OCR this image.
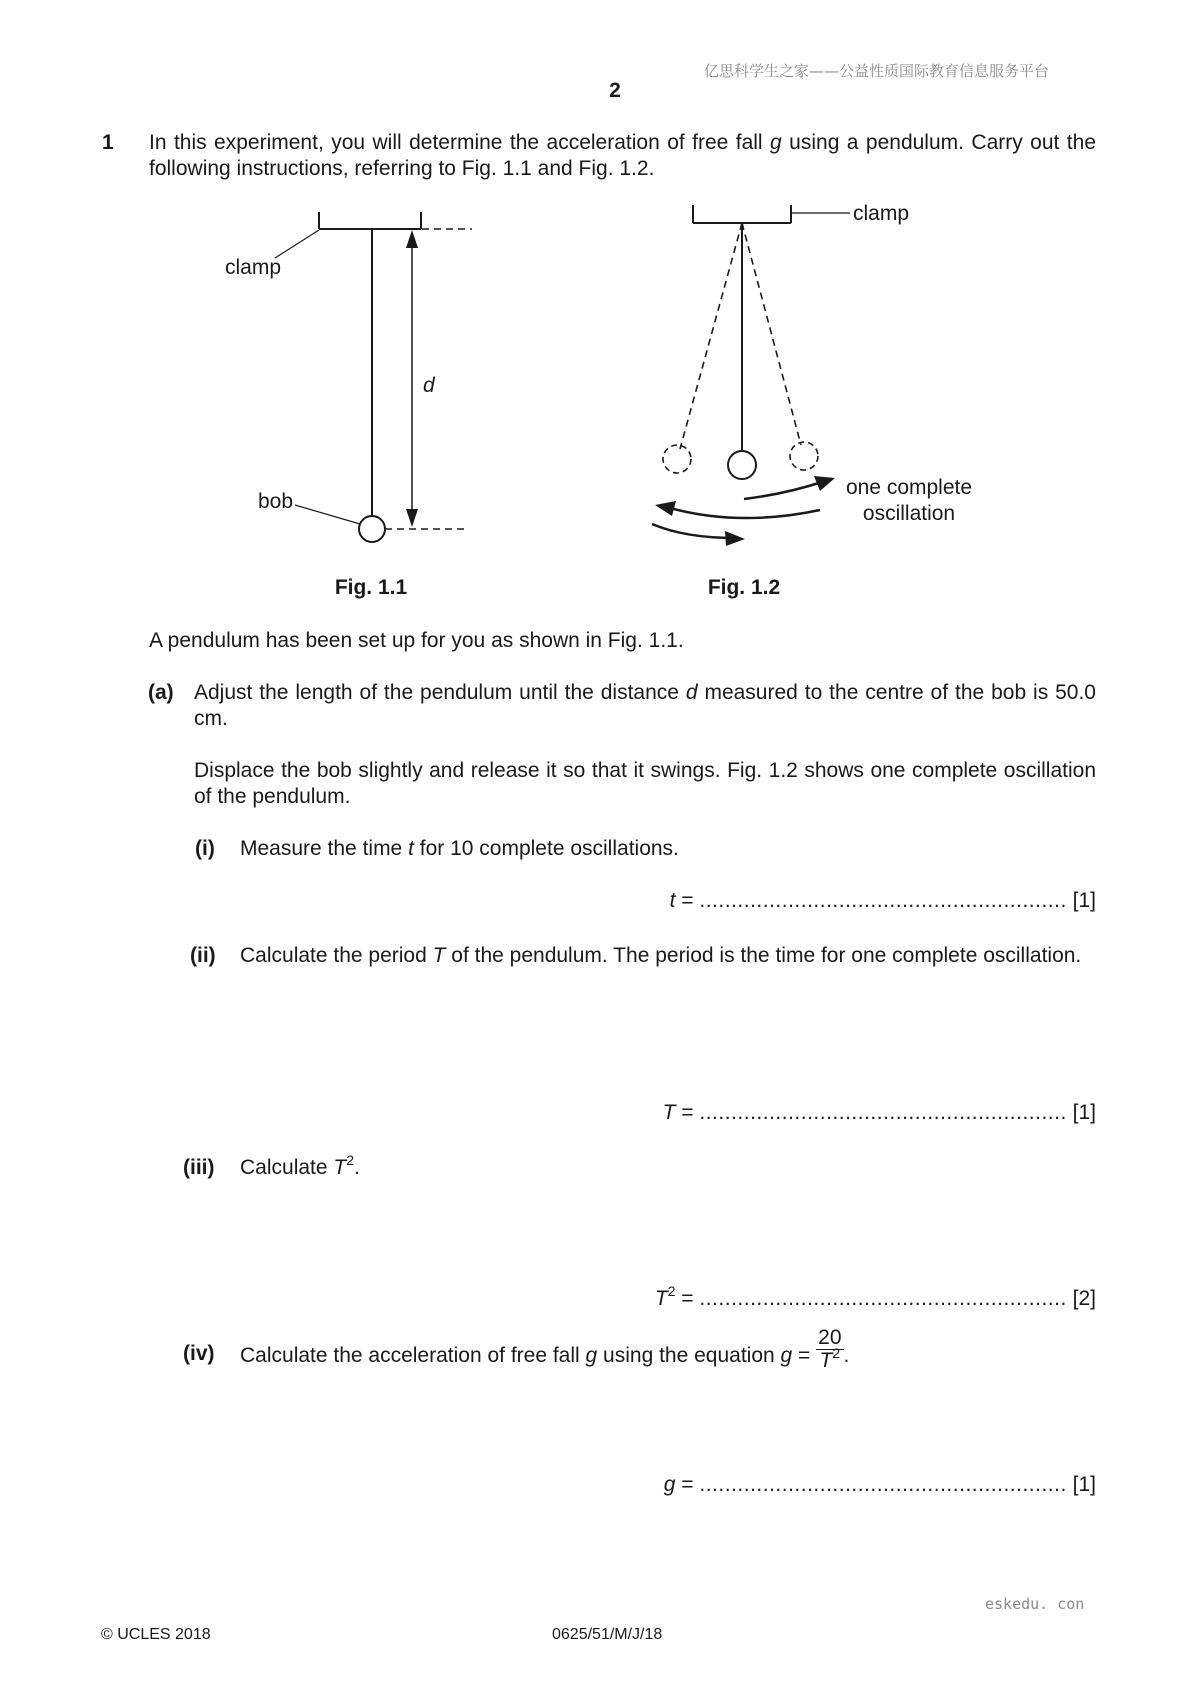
亿思科学生之家——公益性质国际教育信息服务平台
2
1 In this experiment, you will determine the acceleration of free fall g using a pendulum. Carry out the following instructions, referring to Fig. 1.1 and Fig. 1.2.
clamp
d
bob
clamp
one complete
oscillation
Fig. 1.1	Fig. 1.2
A pendulum has been set up for you as shown in Fig. 1.1.
(a) Adjust the length of the pendulum until the distance d measured to the centre of the bob is 50.0 cm.
Displace the bob slightly and release it so that it swings. Fig. 1.2 shows one complete oscillation of the pendulum.
(i) Measure the time t for 10 complete oscillations.
t = .......................................................... [1]
(ii) Calculate the period T of the pendulum. The period is the time for one complete oscillation.
T = .......................................................... [1]
(iii) Calculate $T^2$.
$T^2$ = .......................................................... [2]
(iv) Calculate the acceleration of free fall g using the equation $g = \frac{20}{T^2}$ .
g = .......................................................... [1]
eskedu. con
© UCLES 2018	0625/51/M/J/18
